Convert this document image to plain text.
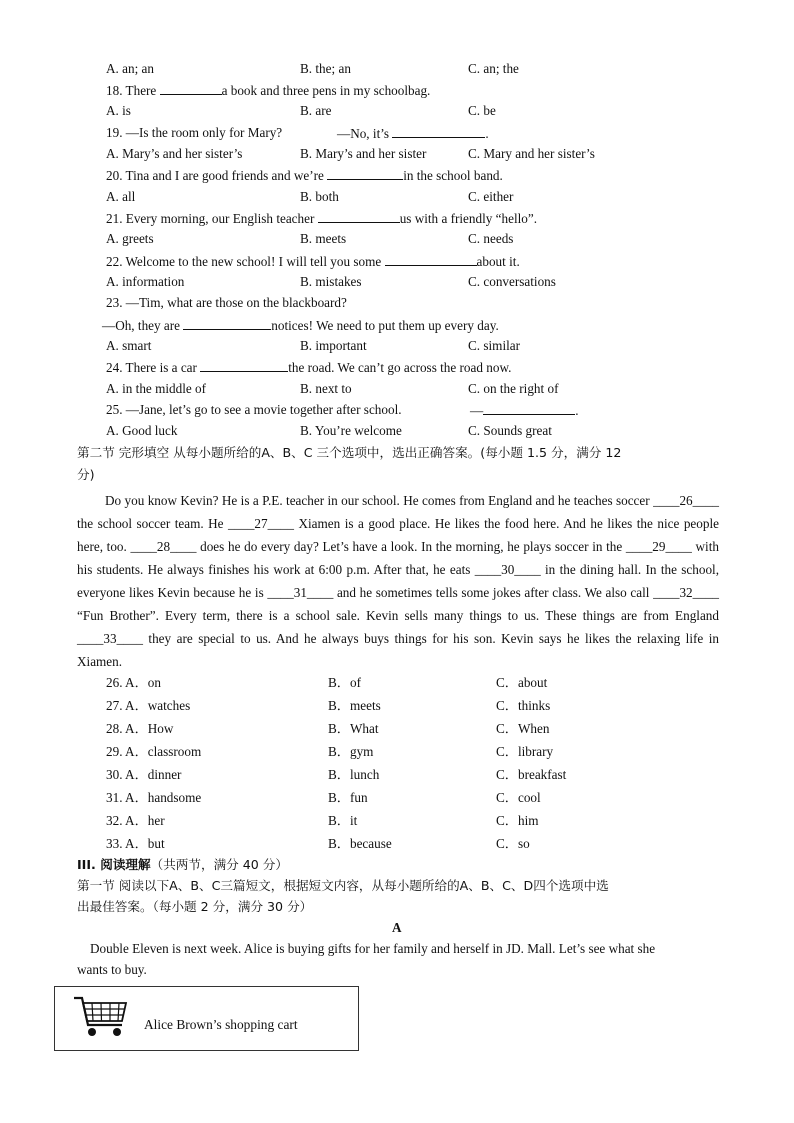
A. an; an	B. the; an	C. an; the
18. There	a book and three pens in my schoolbag.
A. is	B. are	C. be
19. —Is the room only for Mary?	—No, it’s	.
A. Mary’s and her sister’s	B. Mary’s and her sister	C. Mary and her sister’s
20. Tina and I are good friends and we’re	in the school band.
A. all	B. both	C. either
21. Every morning, our English teacher	us with a friendly “hello”.
A. greets	B. meets	C. needs
22. Welcome to the new school! I will tell you some	about it.
A. information	B. mistakes	C. conversations
23. —Tim, what are those on the blackboard?
—Oh, they are	notices! We need to put them up every day.
A. smart	B. important	C. similar
24. There is a car	the road. We can’t go across the road now.
A. in the middle of	B. next to	C. on the right of
25. —Jane, let’s go to see a movie together after school.	—	.
A. Good luck	B. You’re welcome	C. Sounds great
第二节 完形填空 从每小题所给的A、B、C 三个选项中，选出正确答案。(每小题 1.5 分，满分 12
分)
Do you know Kevin? He is a P.E. teacher in our school. He comes from England and he teaches soccer ____26____ the school soccer team. He ____27____ Xiamen is a good place. He likes the food here. And he likes the nice people here, too. ____28____ does he do every day? Let’s have a look. In the morning, he plays soccer in the ____29____ with his students. He always finishes his work at 6:00 p.m. After that, he eats ____30____ in the dining hall. In the school, everyone likes Kevin because he is ____31____ and he sometimes tells some jokes after class. We also call ____32____ “Fun Brother”. Every term, there is a school sale. Kevin sells many things to us. These things are from England ____33____ they are special to us. And he always buys things for his son. Kevin says he likes the relaxing life in Xiamen.
26. A．on	B．of	C．about
27. A．watches	B．meets	C．thinks
28. A．How	B．What	C．When
29. A．classroom	B．gym	C．library
30. A．dinner	B．lunch	C．breakfast
31. A．handsome	B．fun	C．cool
32. A．her	B．it	C．him
33. A．but	B．because	C．so
III. 阅读理解（共两节，满分 40 分）
第一节 阅读以下A、B、C三篇短文，根据短文内容，从每小题所给的A、B、C、D四个选项中选
出最佳答案。（每小题 2 分，满分 30 分）
A
Double Eleven is next week. Alice is buying gifts for her family and herself in JD. Mall. Let’s see what she
wants to buy.
Alice Brown’s shopping cart
